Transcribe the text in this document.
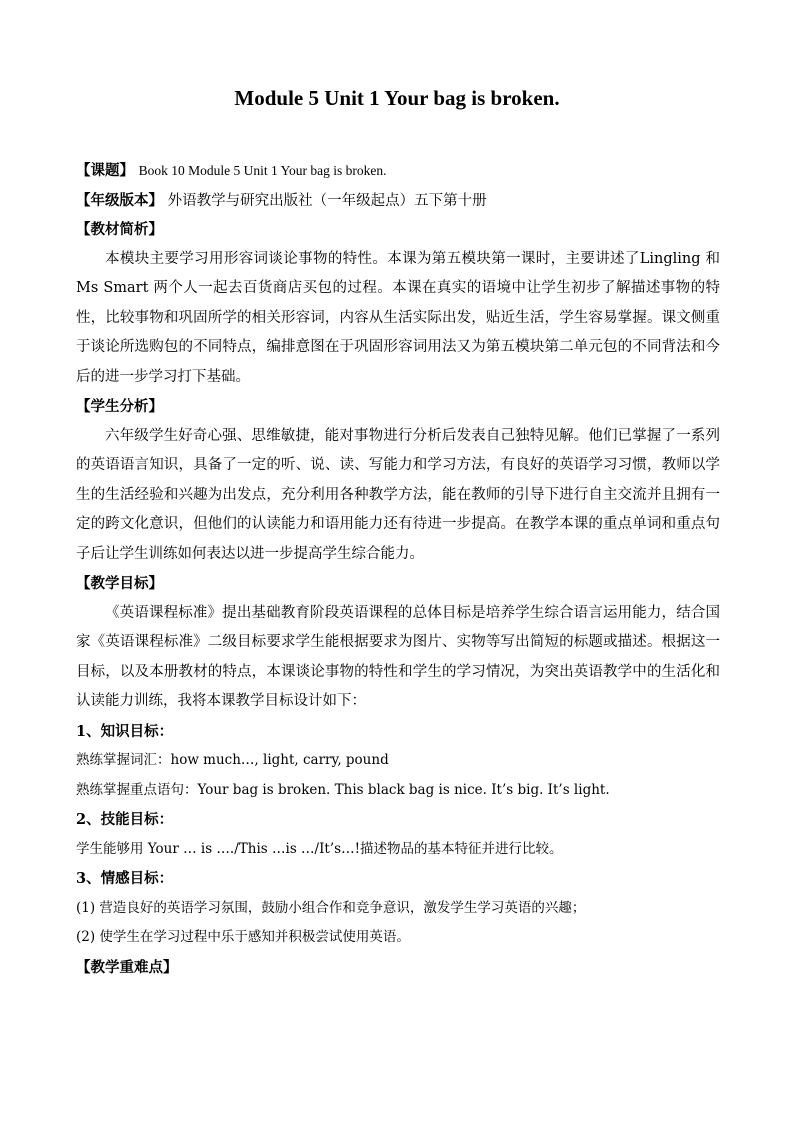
Module 5 Unit 1 Your bag is broken.
【课题】 Book 10 Module 5 Unit 1 Your bag is broken.
【年级版本】 外语教学与研究出版社（一年级起点）五下第十册
【教材简析】

本模块主要学习用形容词谈论事物的特性。本课为第五模块第一课时，主要讲述了Lingling 和 Ms Smart 两个人一起去百货商店买包的过程。本课在真实的语境中让学生初步了解描述事物的特性，比较事物和巩固所学的相关形容词，内容从生活实际出发，贴近生活，学生容易掌握。课文侧重于谈论所选购包的不同特点，编排意图在于巩固形容词用法又为第五模块第二单元包的不同背法和今后的进一步学习打下基础。

【学生分析】

六年级学生好奇心强、思维敏捷，能对事物进行分析后发表自己独特见解。他们已掌握了一系列的英语语言知识，具备了一定的听、说、读、写能力和学习方法，有良好的英语学习习惯，教师以学生的生活经验和兴趣为出发点，充分利用各种教学方法，能在教师的引导下进行自主交流并且拥有一定的跨文化意识，但他们的认读能力和语用能力还有待进一步提高。在教学本课的重点单词和重点句子后让学生训练如何表达以进一步提高学生综合能力。

【教学目标】

《英语课程标准》提出基础教育阶段英语课程的总体目标是培养学生综合语言运用能力，结合国家《英语课程标准》二级目标要求学生能根据要求为图片、实物等写出简短的标题或描述。根据这一目标，以及本册教材的特点，本课谈论事物的特性和学生的学习情况，为突出英语教学中的生活化和认读能力训练，我将本课教学目标设计如下：

1、知识目标：
熟练掌握词汇：how much…, light, carry, pound
熟练掌握重点语句：Your bag is broken. This black bag is nice. It’s big. It’s light.
2、技能目标：
学生能够用 Your … is …./This …is …/It’s…!描述物品的基本特征并进行比较。
3、情感目标：
(1) 营造良好的英语学习氛围，鼓励小组合作和竞争意识，激发学生学习英语的兴趣；
(2) 使学生在学习过程中乐于感知并积极尝试使用英语。
【教学重难点】
